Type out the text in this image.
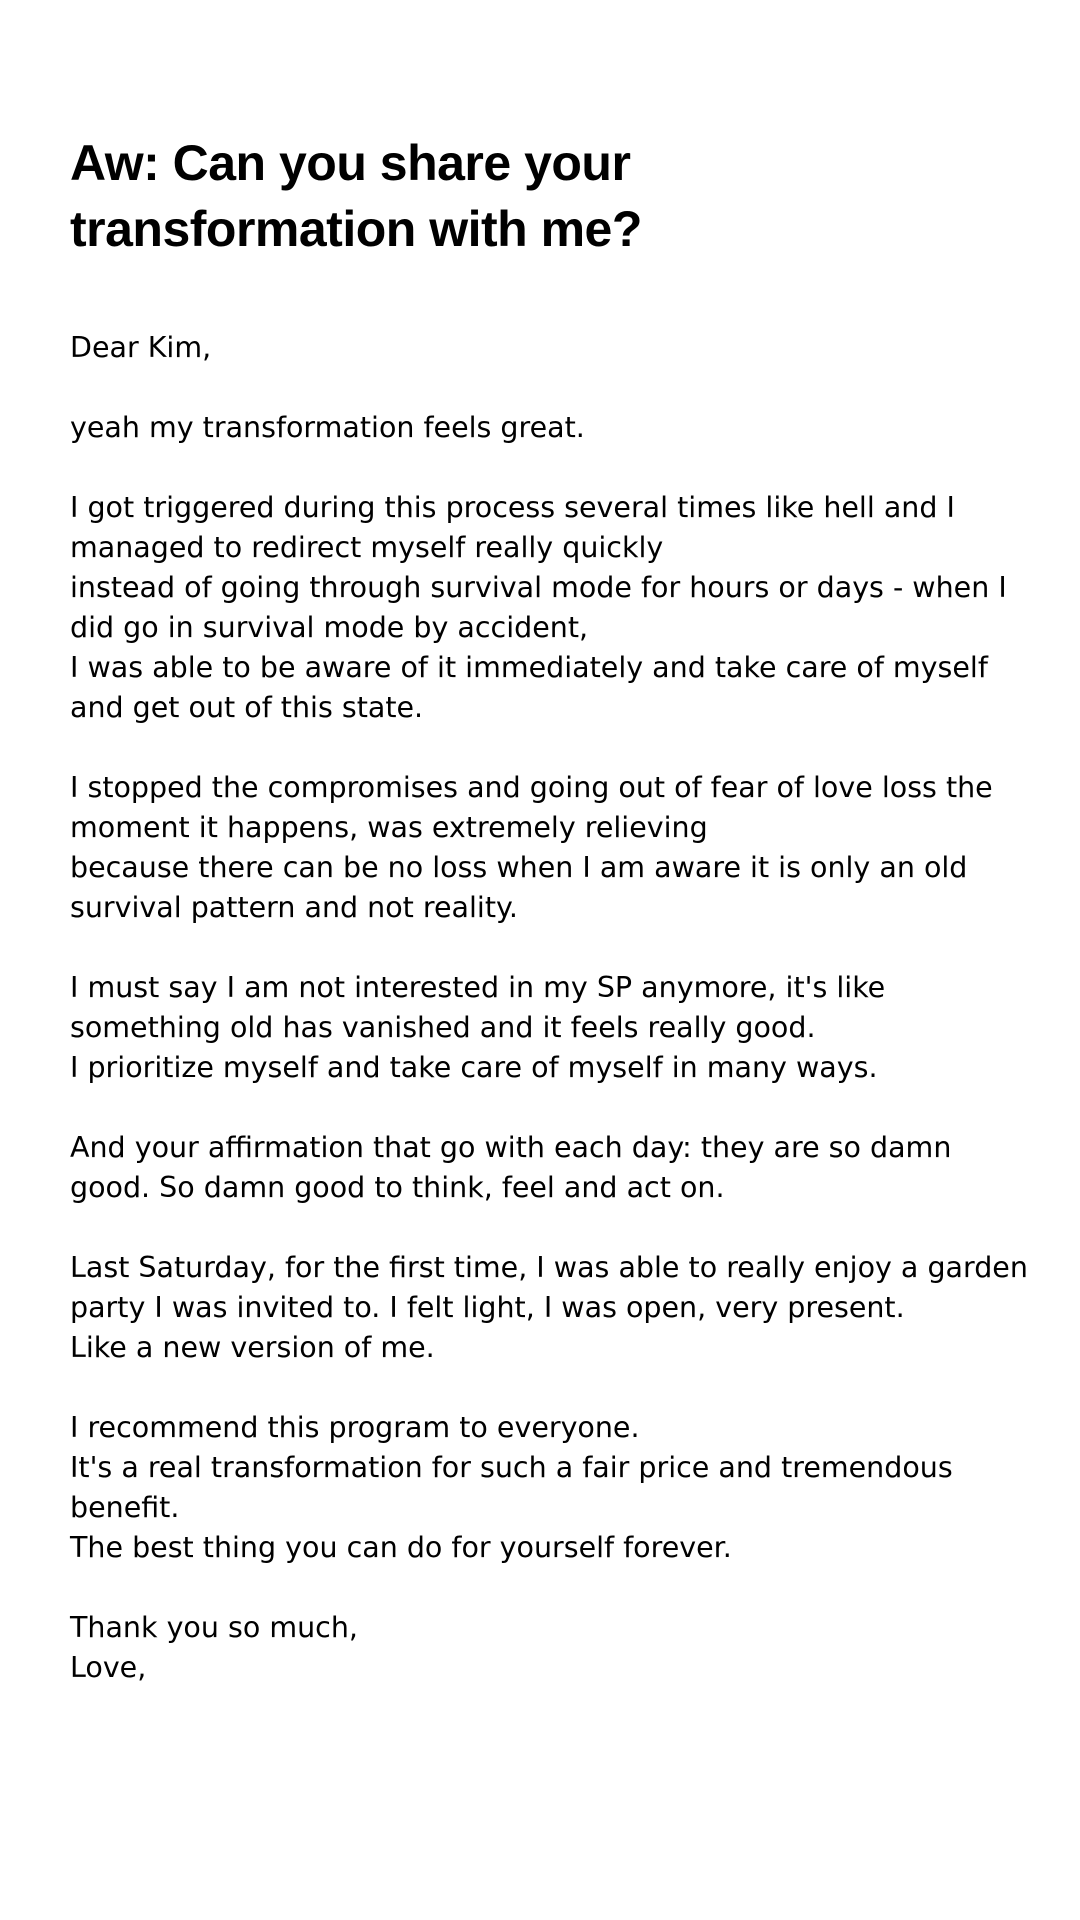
Aw: Can you share your transformation with me?

Dear Kim,

yeah my transformation feels great.

I got triggered during this process several times like hell and I managed to redirect myself really quickly
instead of going through survival mode for hours or days - when I did go in survival mode by accident,
I was able to be aware of it immediately and take care of myself and get out of this state.

I stopped the compromises and going out of fear of love loss the moment it happens, was extremely relieving
because there can be no loss when I am aware it is only an old survival pattern and not reality.

I must say I am not interested in my SP anymore, it's like something old has vanished and it feels really good.
I prioritize myself and take care of myself in many ways.

And your affirmation that go with each day: they are so damn good. So damn good to think, feel and act on.

Last Saturday, for the first time, I was able to really enjoy a garden party I was invited to. I felt light, I was open, very present.
Like a new version of me.

I recommend this program to everyone.
It's a real transformation for such a fair price and tremendous benefit.
The best thing you can do for yourself forever.

Thank you so much,
Love,
